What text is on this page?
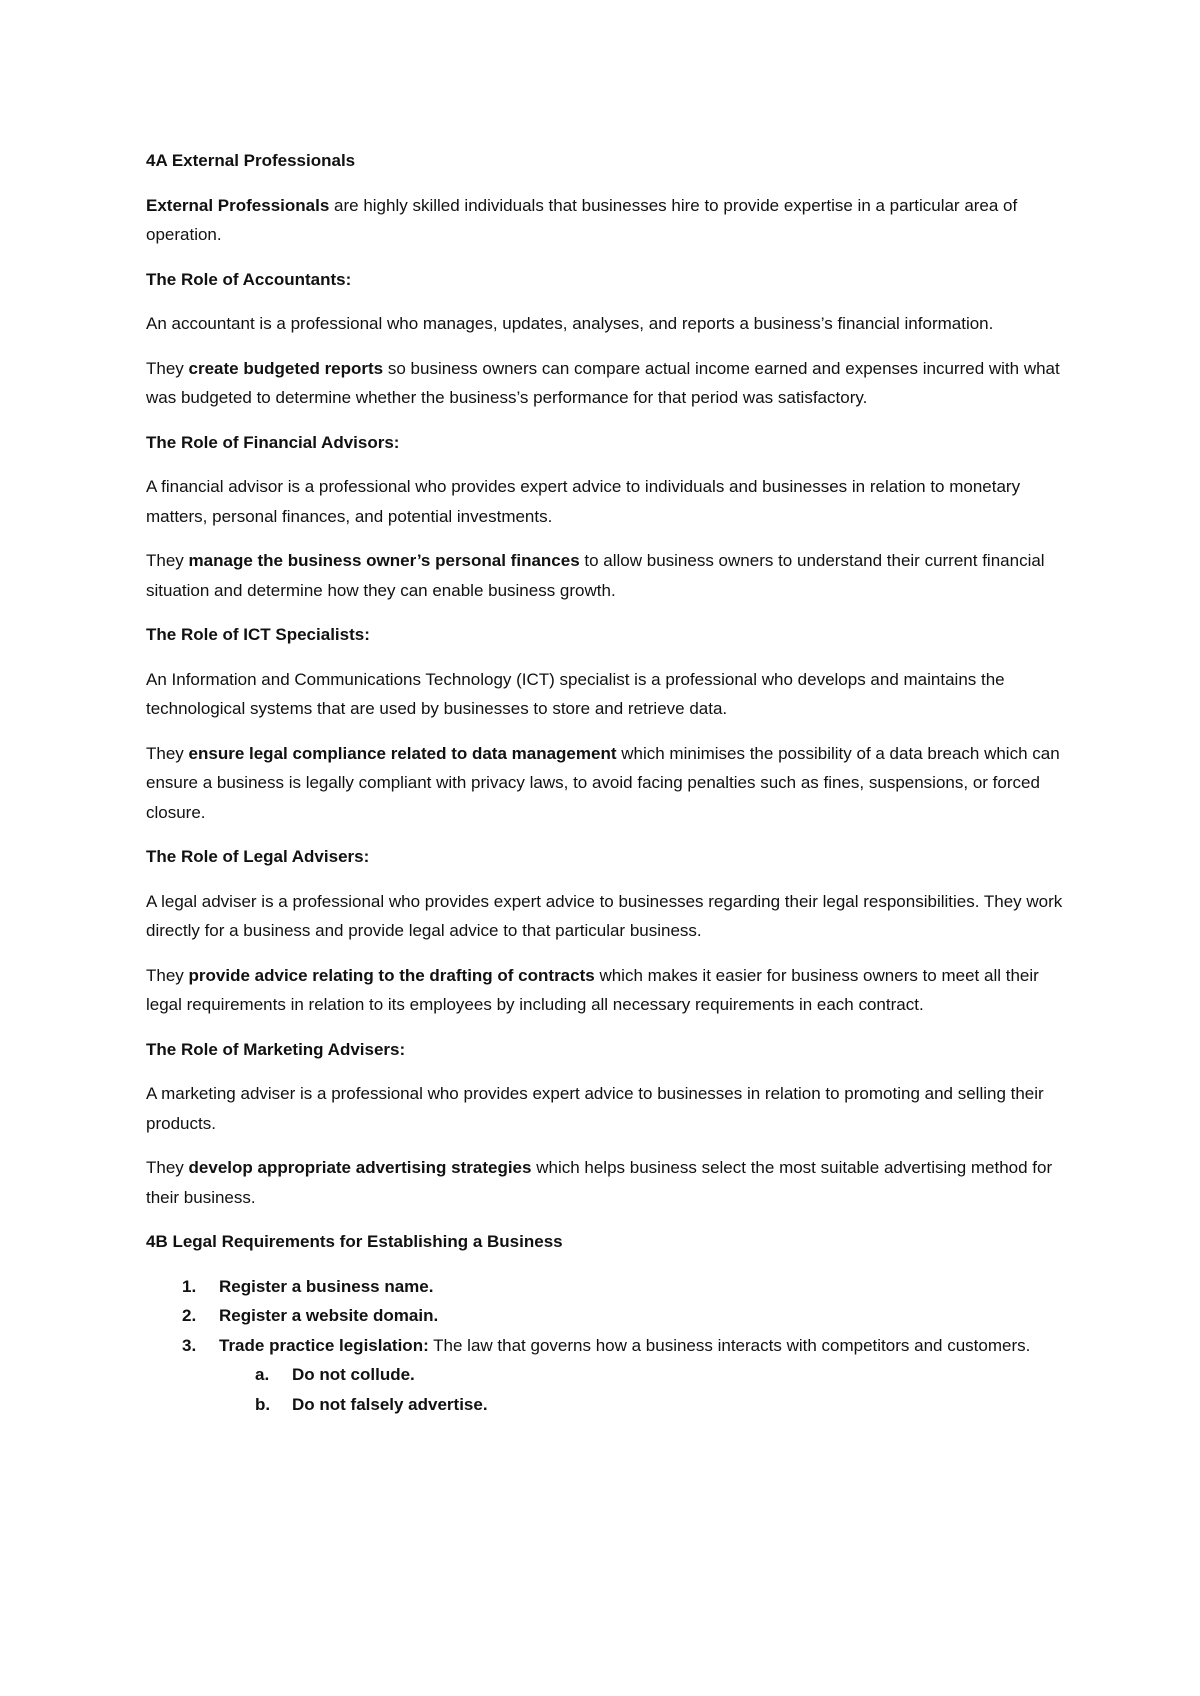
4A External Professionals

External Professionals are highly skilled individuals that businesses hire to provide expertise in a particular area of operation.

The Role of Accountants:

An accountant is a professional who manages, updates, analyses, and reports a business’s financial information.

They create budgeted reports so business owners can compare actual income earned and expenses incurred with what was budgeted to determine whether the business’s performance for that period was satisfactory.

The Role of Financial Advisors:

A financial advisor is a professional who provides expert advice to individuals and businesses in relation to monetary matters, personal finances, and potential investments.

They manage the business owner’s personal finances to allow business owners to understand their current financial situation and determine how they can enable business growth.

The Role of ICT Specialists:

An Information and Communications Technology (ICT) specialist is a professional who develops and maintains the technological systems that are used by businesses to store and retrieve data.

They ensure legal compliance related to data management which minimises the possibility of a data breach which can ensure a business is legally compliant with privacy laws, to avoid facing penalties such as fines, suspensions, or forced closure.

The Role of Legal Advisers:

A legal adviser is a professional who provides expert advice to businesses regarding their legal responsibilities. They work directly for a business and provide legal advice to that particular business.

They provide advice relating to the drafting of contracts which makes it easier for business owners to meet all their legal requirements in relation to its employees by including all necessary requirements in each contract.

The Role of Marketing Advisers:

A marketing adviser is a professional who provides expert advice to businesses in relation to promoting and selling their products.

They develop appropriate advertising strategies which helps business select the most suitable advertising method for their business.

4B Legal Requirements for Establishing a Business

1. Register a business name.
2. Register a website domain.
3. Trade practice legislation: The law that governs how a business interacts with competitors and customers.
a. Do not collude.
b. Do not falsely advertise.
